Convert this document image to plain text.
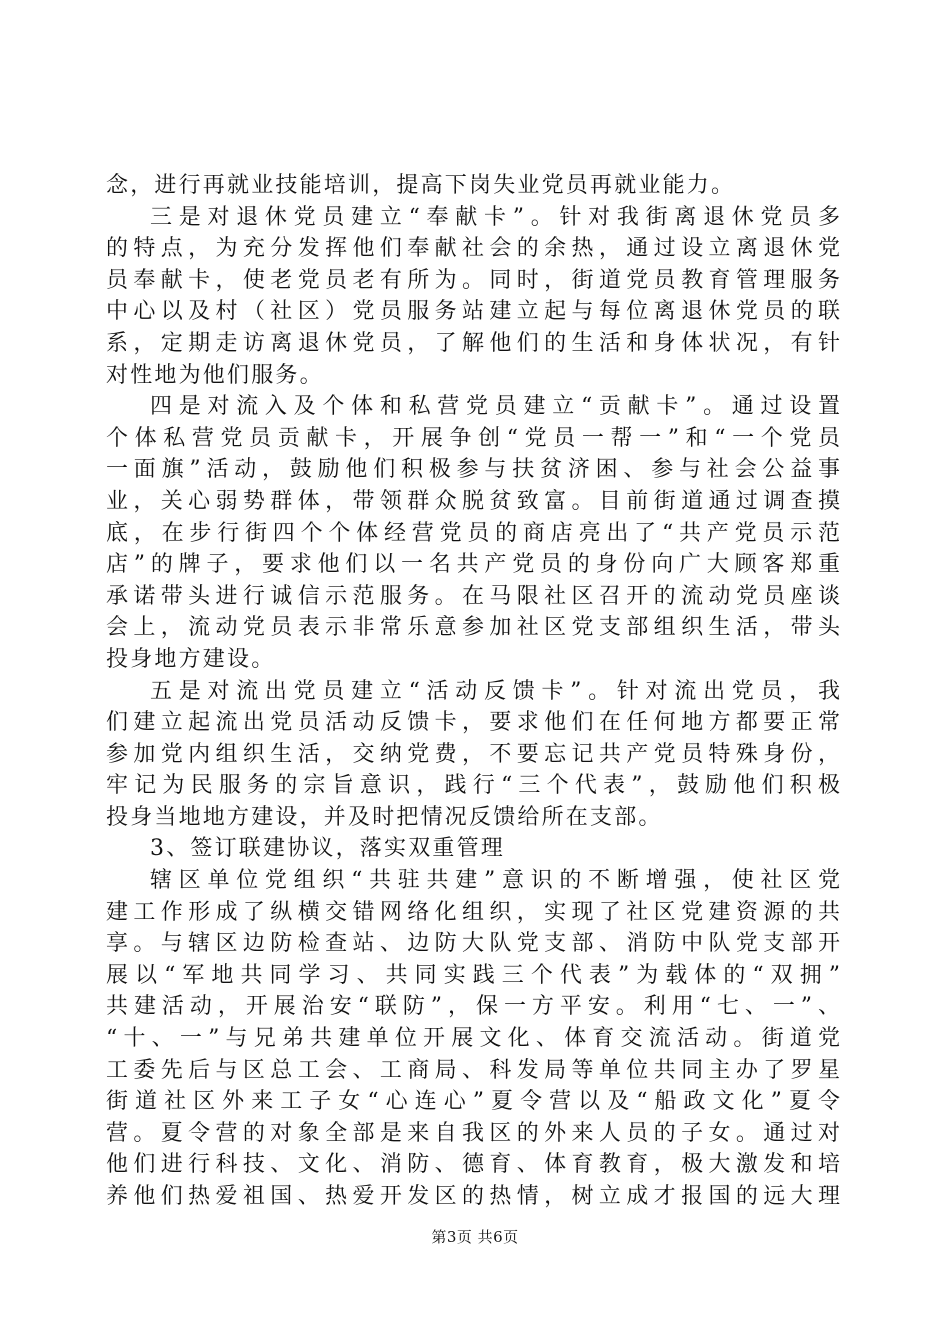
念，进行再就业技能培训，提高下岗失业党员再就业能力。
三是对退休党员建立“奉献卡”。针对我街离退休党员多
的特点，为充分发挥他们奉献社会的余热，通过设立离退休党
员奉献卡，使老党员老有所为。同时，街道党员教育管理服务
中心以及村（社区）党员服务站建立起与每位离退休党员的联
系，定期走访离退休党员，了解他们的生活和身体状况，有针
对性地为他们服务。
四是对流入及个体和私营党员建立“贡献卡”。通过设置
个体私营党员贡献卡，开展争创“党员一帮一”和“一个党员
一面旗”活动，鼓励他们积极参与扶贫济困、参与社会公益事
业，关心弱势群体，带领群众脱贫致富。目前街道通过调查摸
底，在步行街四个个体经营党员的商店亮出了“共产党员示范
店”的牌子，要求他们以一名共产党员的身份向广大顾客郑重
承诺带头进行诚信示范服务。在马限社区召开的流动党员座谈
会上，流动党员表示非常乐意参加社区党支部组织生活，带头
投身地方建设。
五是对流出党员建立“活动反馈卡”。针对流出党员，我
们建立起流出党员活动反馈卡，要求他们在任何地方都要正常
参加党内组织生活，交纳党费，不要忘记共产党员特殊身份，
牢记为民服务的宗旨意识，践行“三个代表”，鼓励他们积极
投身当地地方建设，并及时把情况反馈给所在支部。
3、签订联建协议，落实双重管理
辖区单位党组织“共驻共建”意识的不断增强，使社区党
建工作形成了纵横交错网络化组织，实现了社区党建资源的共
享。与辖区边防检查站、边防大队党支部、消防中队党支部开
展以“军地共同学习、共同实践三个代表”为载体的“双拥”
共建活动，开展治安“联防”，保一方平安。利用“七、一”、
“十、一”与兄弟共建单位开展文化、体育交流活动。街道党
工委先后与区总工会、工商局、科发局等单位共同主办了罗星
街道社区外来工子女“心连心”夏令营以及“船政文化”夏令
营。夏令营的对象全部是来自我区的外来人员的子女。通过对
他们进行科技、文化、消防、德育、体育教育，极大激发和培
养他们热爱祖国、热爱开发区的热情，树立成才报国的远大理
第3页 共6页
